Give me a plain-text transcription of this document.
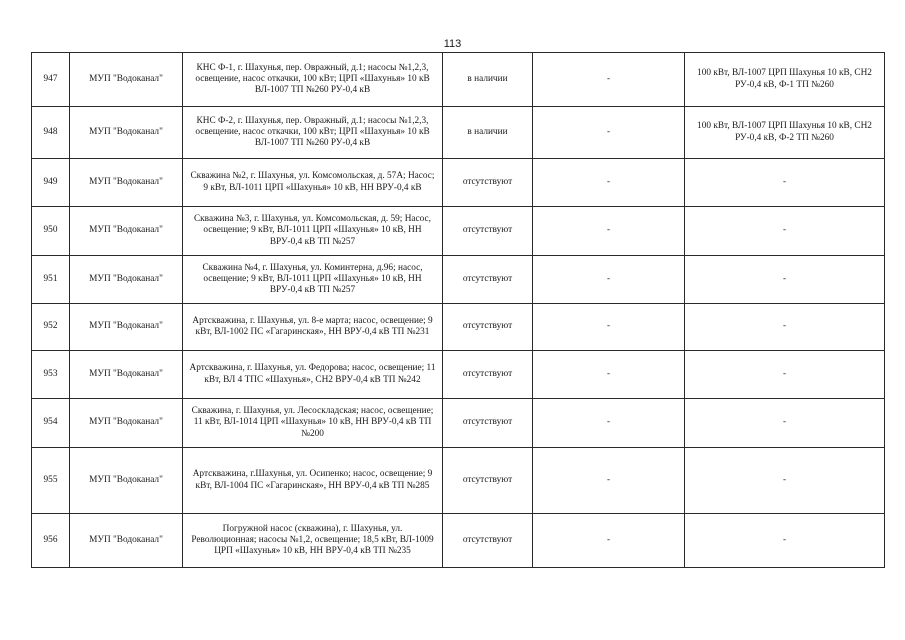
113
947	МУП "Водоканал"	КНС Ф-1, г. Шахунья, пер. Овражный, д.1; насосы №1,2,3, освещение, насос откачки, 100 кВт; ЦРП «Шахунья» 10 кВ ВЛ-1007 ТП №260 РУ-0,4 кВ	в наличии	-	100 кВт, ВЛ-1007 ЦРП Шахунья 10 кВ, СН2 РУ-0,4 кВ, Ф-1 ТП №260
948	МУП "Водоканал"	КНС Ф-2, г. Шахунья, пер. Овражный, д.1; насосы №1,2,3, освещение, насос откачки, 100 кВт; ЦРП «Шахунья» 10 кВ ВЛ-1007 ТП №260 РУ-0,4 кВ	в наличии	-	100 кВт, ВЛ-1007 ЦРП Шахунья 10 кВ, СН2 РУ-0,4 кВ, Ф-2 ТП №260
949	МУП "Водоканал"	Скважина №2, г. Шахунья, ул. Комсомольская, д. 57А; Насос; 9 кВт, ВЛ-1011 ЦРП «Шахунья» 10 кВ, НН ВРУ-0,4 кВ	отсутствуют	-	-
950	МУП "Водоканал"	Скважина №3, г. Шахунья, ул. Комсомольская, д. 59; Насос, освещение; 9 кВт, ВЛ-1011 ЦРП «Шахунья» 10 кВ, НН ВРУ-0,4 кВ ТП №257	отсутствуют	-	-
951	МУП "Водоканал"	Скважина №4, г. Шахунья, ул. Коминтерна, д.96; насос, освещение; 9 кВт, ВЛ-1011 ЦРП «Шахунья» 10 кВ, НН ВРУ-0,4 кВ ТП №257	отсутствуют	-	-
952	МУП "Водоканал"	Артскважина, г. Шахунья, ул. 8-е марта; насос, освещение; 9 кВт, ВЛ-1002 ПС «Гагаринская», НН ВРУ-0,4 кВ ТП №231	отсутствуют	-	-
953	МУП "Водоканал"	Артскважина, г. Шахунья, ул. Федорова; насос, освещение; 11 кВт, ВЛ 4 ТПС «Шахунья», СН2 ВРУ-0,4 кВ ТП №242	отсутствуют	-	-
954	МУП "Водоканал"	Скважина, г. Шахунья, ул. Лесоскладская; насос, освещение; 11 кВт, ВЛ-1014 ЦРП «Шахунья» 10 кВ, НН ВРУ-0,4 кВ ТП №200	отсутствуют	-	-
955	МУП "Водоканал"	Артскважина, г.Шахунья, ул. Осипенко; насос, освещение; 9 кВт, ВЛ-1004 ПС «Гагаринская», НН ВРУ-0,4 кВ ТП №285	отсутствуют	-	-
956	МУП "Водоканал"	Погружной насос (скважина), г. Шахунья, ул. Революционная; насосы №1,2, освещение; 18,5 кВт, ВЛ-1009 ЦРП «Шахунья» 10 кВ, НН ВРУ-0,4 кВ ТП №235	отсутствуют	-	-
